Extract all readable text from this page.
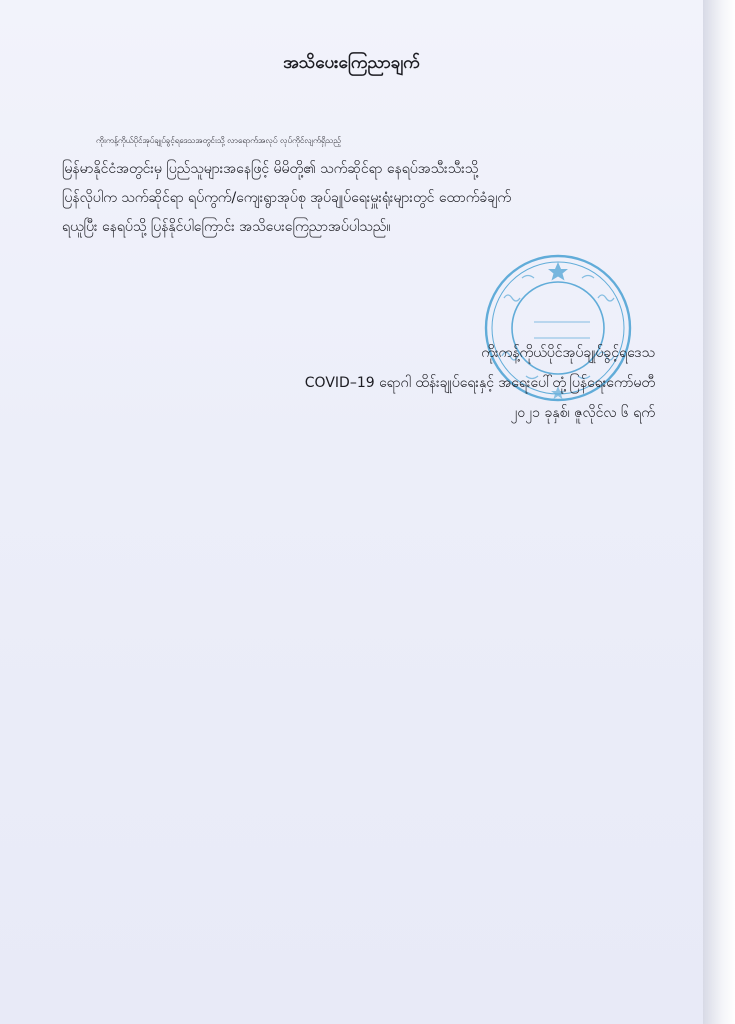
အသိပေးကြေညာချက်
ကိုးကန့်ကိုယ်ပိုင်အုပ်ချုပ်ခွင့်ရဒေသအတွင်းသို့ လာရောက်အလုပ် လုပ်ကိုင်လျက်ရှိသည့်
မြန်မာနိုင်ငံအတွင်းမှ ပြည်သူများအနေဖြင့် မိမိတို့၏ သက်ဆိုင်ရာ နေရပ်အသီးသီးသို့
ပြန်လိုပါက သက်ဆိုင်ရာ ရပ်ကွက်/ကျေးရွာအုပ်စု အုပ်ချုပ်ရေးမှူးရုံးများတွင် ထောက်ခံချက်
ရယူပြီး နေရပ်သို့ ပြန်နိုင်ပါကြောင်း အသိပေးကြေညာအပ်ပါသည်။
ကိုးကန့်ကိုယ်ပိုင်အုပ်ချုပ်ခွင့်ရဒေသ
COVID–19 ရောဂါ ထိန်းချုပ်ရေးနှင့် အရေးပေါ်တုံ့ပြန်ရေးကော်မတီ
၂၀၂၁ ခုနှစ်၊ ဇူလိုင်လ ၆ ရက်
